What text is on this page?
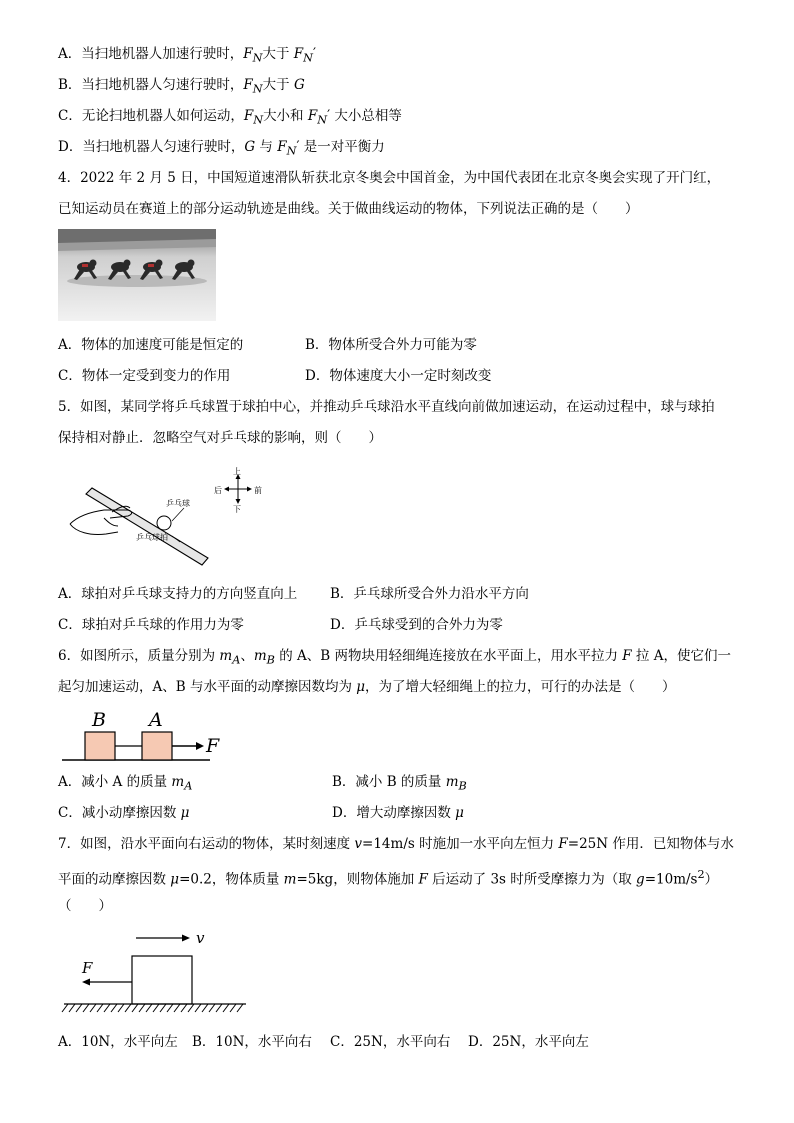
A．当扫地机器人加速行驶时，$F_N$大于 $F_N'$
B．当扫地机器人匀速行驶时，$F_N$大于 G
C．无论扫地机器人如何运动，$F_N$大小和 $F_N'$ 大小总相等
D．当扫地机器人匀速行驶时，G 与 $F_N'$ 是一对平衡力
4．2022 年 2 月 5 日，中国短道速滑队斩获北京冬奥会中国首金，为中国代表团在北京冬奥会实现了开门红，
已知运动员在赛道上的部分运动轨迹是曲线。关于做曲线运动的物体，下列说法正确的是（　　）
A．物体的加速度可能是恒定的	B．物体所受合外力可能为零
C．物体一定受到变力的作用	D．物体速度大小一定时刻改变
5．如图，某同学将乒乓球置于球拍中心，并推动乒乓球沿水平直线向前做加速运动，在运动过程中，球与球拍
保持相对静止．忽略空气对乒乓球的影响，则（　　）
上
下
后	前
乒乓球
乒乓球拍
A．球拍对乒乓球支持力的方向竖直向上 B．乒乓球所受合外力沿水平方向
C．球拍对乒乓球的作用力为零	D．乒乓球受到的合外力为零
6．如图所示，质量分别为 $m_A$、$m_B$ 的 A、B 两物块用轻细绳连接放在水平面上，用水平拉力 F 拉 A，使它们一
起匀加速运动，A、B 与水平面的动摩擦因数均为 μ，为了增大轻细绳上的拉力，可行的办法是（　　）
B A
F
A．减小 A 的质量 $m_A$	B．减小 B 的质量 $m_B$
C．减小动摩擦因数 μ	D．增大动摩擦因数 μ
7．如图，沿水平面向右运动的物体，某时刻速度 v=14m/s 时施加一水平向左恒力 F=25N 作用．已知物体与水
平面的动摩擦因数 μ=0.2，物体质量 m=5kg，则物体施加 F 后运动了 3s 时所受摩擦力为（取 $g=10m/s^2$）
（　　）
v
F
A．10N，水平向左 B．10N，水平向右 C．25N，水平向右 D．25N，水平向左
